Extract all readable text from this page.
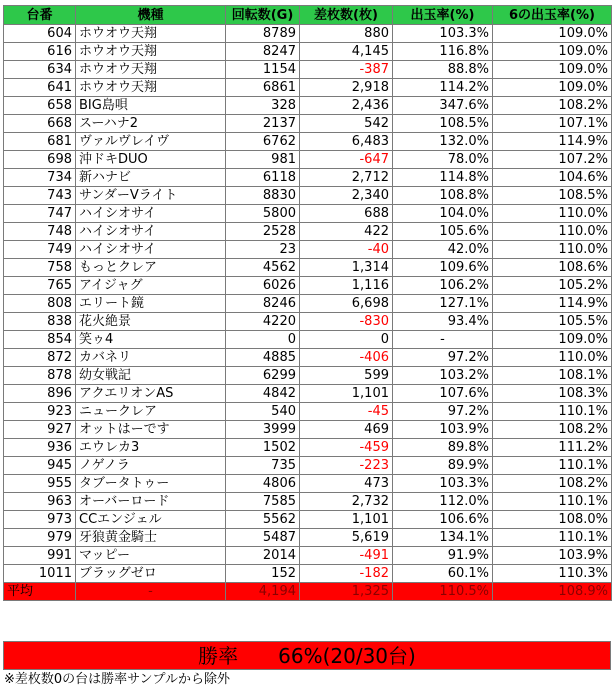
台番	機種	回転数(G)	差枚数(枚)	出玉率(%)	6の出玉率(%)
604	ホウオウ天翔	8789	880	103.3%	109.0%
616	ホウオウ天翔	8247	4,145	116.8%	109.0%
634	ホウオウ天翔	1154	-387	88.8%	109.0%
641	ホウオウ天翔	6861	2,918	114.2%	109.0%
658	BIG島唄	328	2,436	347.6%	108.2%
668	スーハナ2	2137	542	108.5%	107.1%
681	ヴァルヴレイヴ	6762	6,483	132.0%	114.9%
698	沖ドキDUO	981	-647	78.0%	107.2%
734	新ハナビ	6118	2,712	114.8%	104.6%
743	サンダーVライト	8830	2,340	108.8%	108.5%
747	ハイシオサイ	5800	688	104.0%	110.0%
748	ハイシオサイ	2528	422	105.6%	110.0%
749	ハイシオサイ	23	-40	42.0%	110.0%
758	もっとクレア	4562	1,314	109.6%	108.6%
765	アイジャグ	6026	1,116	106.2%	105.2%
808	エリート鏡	8246	6,698	127.1%	114.9%
838	花火絶景	4220	-830	93.4%	105.5%
854	笑ゥ4	0	0	-	109.0%
872	カバネリ	4885	-406	97.2%	110.0%
878	幼女戦記	6299	599	103.2%	108.1%
896	アクエリオンAS	4842	1,101	107.6%	108.3%
923	ニュークレア	540	-45	97.2%	110.1%
927	オットはーです	3999	469	103.9%	108.2%
936	エウレカ3	1502	-459	89.8%	111.2%
945	ノゲノラ	735	-223	89.9%	110.1%
955	タブータトゥー	4806	473	103.3%	108.2%
963	オーバーロード	7585	2,732	112.0%	110.1%
973	CCエンジェル	5562	1,101	106.6%	108.0%
979	牙狼黄金騎士	5487	5,619	134.1%	110.1%
991	マッピー	2014	-491	91.9%	103.9%
1011	ブラッグゼロ	152	-182	60.1%	110.3%
平均	-	4,194	1,325	110.5%	108.9%
勝率　　66%(20/30台)
※差枚数0の台は勝率サンプルから除外
